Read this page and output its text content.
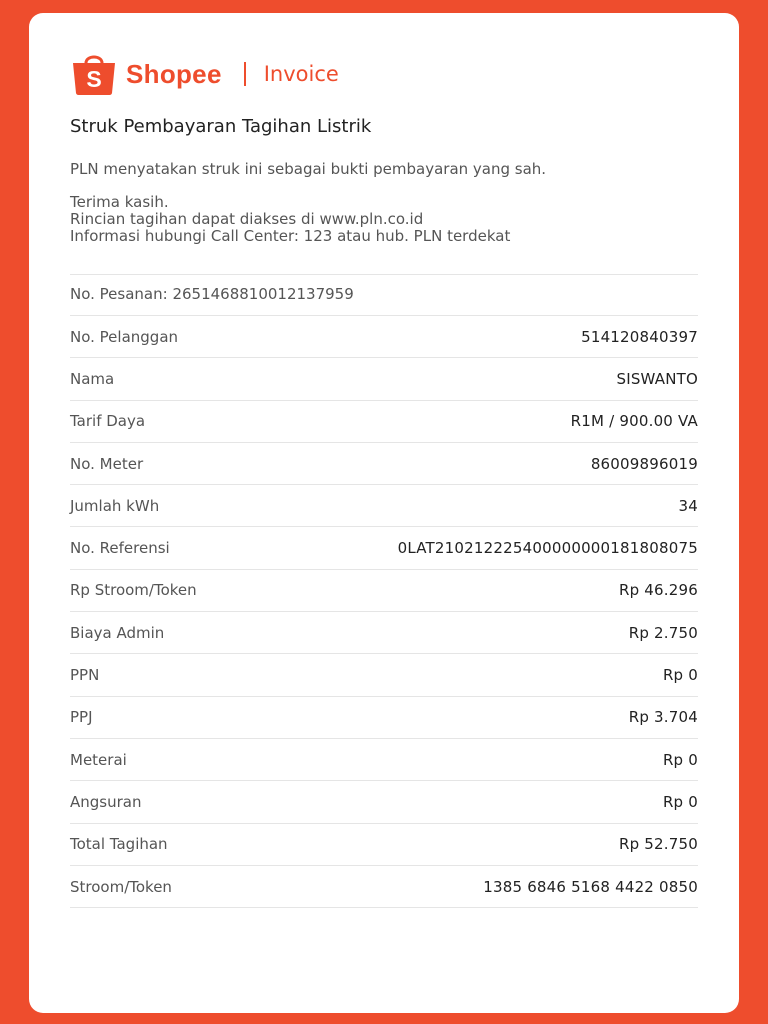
S Shopee Invoice
Struk Pembayaran Tagihan Listrik

PLN menyatakan struk ini sebagai bukti pembayaran yang sah.

Terima kasih.

Rincian tagihan dapat diakses di www.pln.co.id

Informasi hubungi Call Center: 123 atau hub. PLN terdekat

No. Pesanan: 2651468810012137959
No. Pelanggan	514120840397
Nama	SISWANTO
Tarif Daya	R1M / 900.00 VA
No. Meter	86009896019
Jumlah kWh	34
No. Referensi	0LAT210212225400000000181808075
Rp Stroom/Token	Rp 46.296
Biaya Admin	Rp 2.750
PPN	Rp 0
PPJ	Rp 3.704
Meterai	Rp 0
Angsuran	Rp 0
Total Tagihan	Rp 52.750
Stroom/Token	1385 6846 5168 4422 0850
